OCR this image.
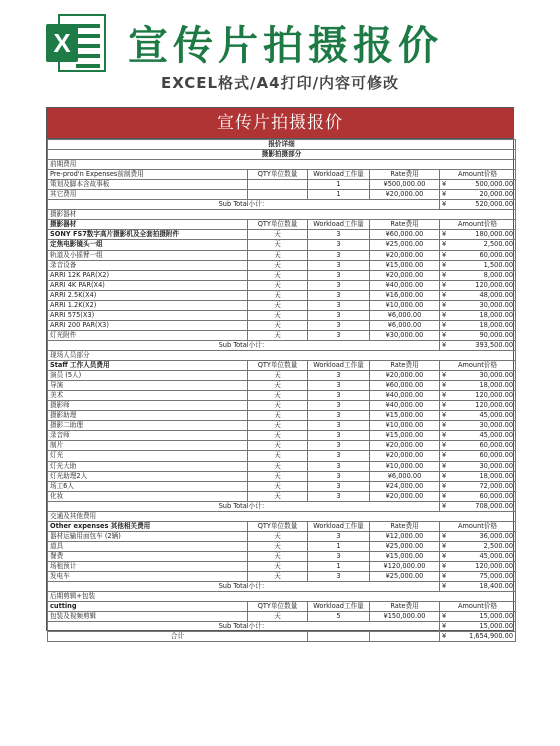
X 宣传片拍摄报价
EXCEL格式/A4打印/内容可修改
宣传片拍摄报价
报价详细				
摄影拍摄部分				
前期费用				
Pre-prod'n Expenses前制费用	QTY单位数量	Workload工作量	Rate费用	Amount价格
策划及脚本含故事板		1	¥500,000.00	¥ 500,000.00

其它费用		1	¥20,000.00	¥ 20,000.00

Sub Total小计：				¥ 520,000.00

摄影器材				
摄影器材	QTY单位数量	Workload工作量	Rate费用	Amount价格
SONY FS7数字高片摄影机及全套拍摄附件	天	3	¥60,000.00	¥ 180,000.00

定焦电影镜头一组	天	3	¥25,000.00	¥ 2,500.00

轨道及小摇臂一组	天	3	¥20,000.00	¥ 60,000.00

录音设备	天	3	¥15,000.00	¥ 1,500.00

ARRI 12K PAR(X2)	天	3	¥20,000.00	¥ 8,000.00

ARRI 4K PAR(X4)	天	3	¥40,000.00	¥ 120,000.00

ARRI 2.5K(X4)	天	3	¥16,000.00	¥ 48,000.00

ARRI 1.2K(X2)	天	3	¥10,000.00	¥ 30,000.00

ARRI 575(X3)	天	3	¥6,000.00	¥ 18,000.00

ARRI 200 PAR(X3)	天	3	¥6,000.00	¥ 18,000.00

灯光附件	天	3	¥30,000.00	¥ 90,000.00

Sub Total小计：				¥ 393,500.00

现场人员部分				
Staff 工作人员费用	QTY单位数量	Workload工作量	Rate费用	Amount价格
演员 (5人)	天	3	¥20,000.00	¥ 30,000.00

导演	天	3	¥60,000.00	¥ 18,000.00

美术	天	3	¥40,000.00	¥ 120,000.00

摄影师	天	3	¥40,000.00	¥ 120,000.00

摄影助理	天	3	¥15,000.00	¥ 45,000.00

摄影二助理	天	3	¥10,000.00	¥ 30,000.00

录音师	天	3	¥15,000.00	¥ 45,000.00

制片	天	3	¥20,000.00	¥ 60,000.00

灯光	天	3	¥20,000.00	¥ 60,000.00

灯光大助	天	3	¥10,000.00	¥ 30,000.00

灯光助理2人	天	3	¥6,000.00	¥ 18,000.00

场工6人	天	3	¥24,000.00	¥ 72,000.00

化妆	天	3	¥20,000.00	¥ 60,000.00

Sub Total小计：				¥ 708,000.00

交通及其他费用				
Other expenses 其他相关费用	QTY单位数量	Workload工作量	Rate费用	Amount价格
器材运输用面包车 (2辆)	天	3	¥12,000.00	¥ 36,000.00

道具	天	1	¥25,000.00	¥ 2,500.00

餐费	天	3	¥15,000.00	¥ 45,000.00

场租预计	天	1	¥120,000.00	¥ 120,000.00

发电车	天	3	¥25,000.00	¥ 75,000.00

Sub Total小计：				¥ 18,400.00

后期剪辑+包装				
cutting	QTY单位数量	Workload工作量	Rate费用	Amount价格
包装及视频剪辑	天	5	¥150,000.00	¥ 15,000.00

Sub Total小计：				¥ 15,000.00

合计				¥ 1,654,900.00
